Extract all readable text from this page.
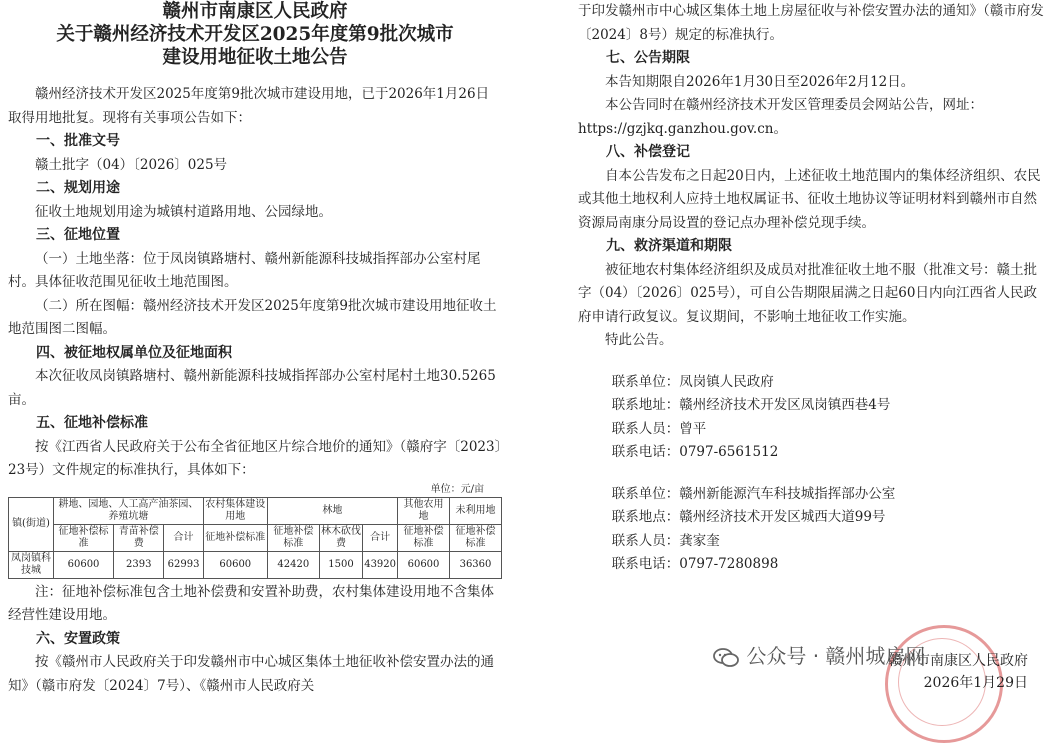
赣州市南康区人民政府

关于赣州经济技术开发区2025年度第9批次城市

建设用地征收土地公告

赣州经济技术开发区2025年度第9批次城市建设用地，已于2026年1月26日取得用地批复。现将有关事项公告如下：

一、批准文号

赣土批字（04）〔2026〕025号

二、规划用途

征收土地规划用途为城镇村道路用地、公园绿地。

三、征地位置

（一）土地坐落：位于凤岗镇路塘村、赣州新能源科技城指挥部办公室村尾村。具体征收范围见征收土地范围图。

（二）所在图幅：赣州经济技术开发区2025年度第9批次城市建设用地征收土地范围图二图幅。

四、被征地权属单位及征地面积

本次征收凤岗镇路塘村、赣州新能源科技城指挥部办公室村尾村土地30.5265亩。

五、征地补偿标准

按《江西省人民政府关于公布全省征地区片综合地价的通知》（赣府字〔2023〕23号）文件规定的标准执行，具体如下：

单位：元/亩
镇(街道)	耕地、园地、人工高产油茶园、养殖坑塘			农村集体建设用地	林地			其他农用地	未利用地
	征地补偿标准	青苗补偿费	合计	征地补偿标准	征地补偿标准	林木砍伐费	合计	征地补偿标准	征地补偿标准
凤岗镇科技城	60600	2393	62993	60600	42420	1500	43920	60600	36360

注：征地补偿标准包含土地补偿费和安置补助费，农村集体建设用地不含集体经营性建设用地。

六、安置政策

按《赣州市人民政府关于印发赣州市中心城区集体土地征收补偿安置办法的通知》（赣市府发〔2024〕7号）、《赣州市人民政府关

于印发赣州市中心城区集体土地上房屋征收与补偿安置办法的通知》（赣市府发〔2024〕8号）规定的标准执行。

七、公告期限

本告知期限自2026年1月30日至2026年2月12日。

本公告同时在赣州经济技术开发区管理委员会网站公告，网址：https://gzjkq.ganzhou.gov.cn。

八、补偿登记

自本公告发布之日起20日内，上述征收土地范围内的集体经济组织、农民或其他土地权利人应持土地权属证书、征收土地协议等证明材料到赣州市自然资源局南康分局设置的登记点办理补偿兑现手续。

九、救济渠道和期限

被征地农村集体经济组织及成员对批准征收土地不服（批准文号：赣土批字（04）〔2026〕025号），可自公告期限届满之日起60日内向江西省人民政府申请行政复议。复议期间，不影响土地征收工作实施。

特此公告。

联系单位：凤岗镇人民政府

联系地址：赣州经济技术开发区凤岗镇西巷4号

联系人员：曾平

联系电话：0797-6561512

联系单位：赣州新能源汽车科技城指挥部办公室

联系地点：赣州经济技术开发区城西大道99号

联系人员：龚家奎

联系电话：0797-7280898

赣州市南康区人民政府
2026年1月29日
公众号 · 赣州城房网
